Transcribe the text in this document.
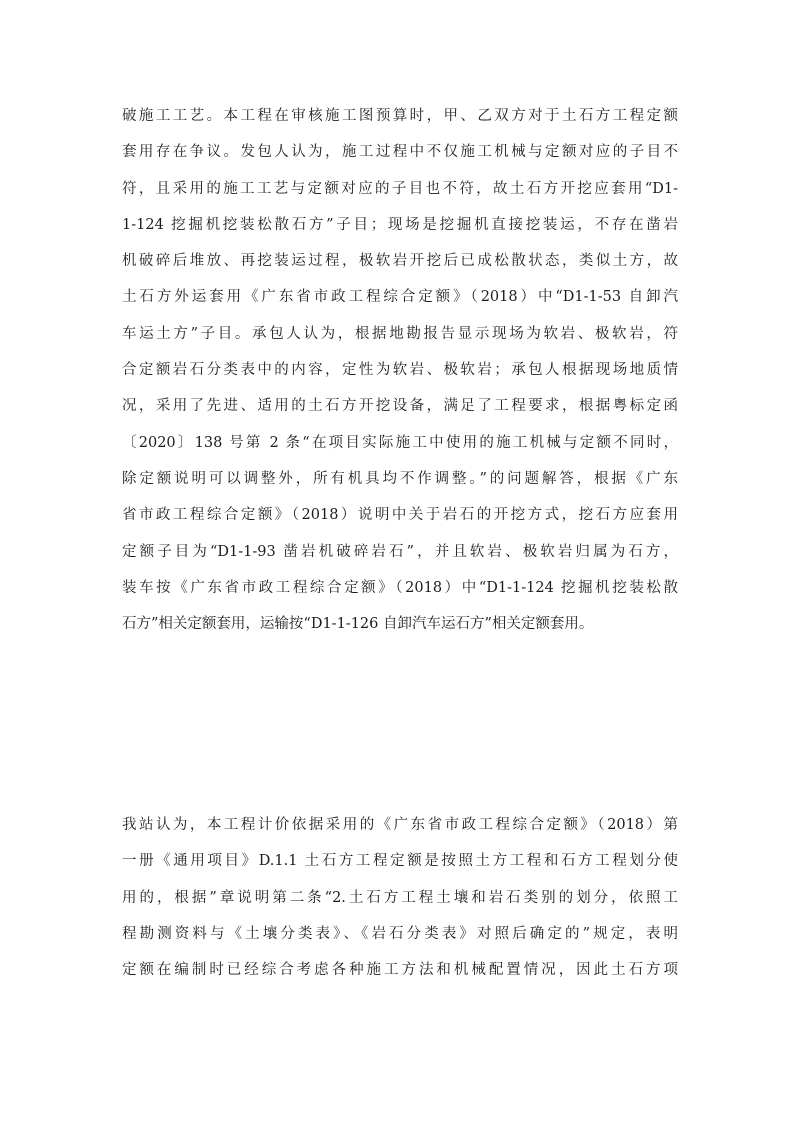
破施工工艺。本工程在审核施工图预算时，甲、乙双方对于土石方工程定额
套用存在争议。发包人认为，施工过程中不仅施工机械与定额对应的子目不
符，且采用的施工工艺与定额对应的子目也不符，故土石方开挖应套用“D1-
1-124 挖掘机挖装松散石方”子目；现场是挖掘机直接挖装运，不存在凿岩
机破碎后堆放、再挖装运过程，极软岩开挖后已成松散状态，类似土方，故
土石方外运套用《广东省市政工程综合定额》（2018）中“D1-1-53 自卸汽
车运土方”子目。承包人认为，根据地勘报告显示现场为软岩、极软岩，符
合定额岩石分类表中的内容，定性为软岩、极软岩；承包人根据现场地质情
况，采用了先进、适用的土石方开挖设备，满足了工程要求，根据粤标定函
〔2020〕138 号第 2 条“在项目实际施工中使用的施工机械与定额不同时，
除定额说明可以调整外，所有机具均不作调整。”的问题解答，根据《广东
省市政工程综合定额》（2018）说明中关于岩石的开挖方式，挖石方应套用
定额子目为“D1-1-93 凿岩机破碎岩石”，并且软岩、极软岩归属为石方，
装车按《广东省市政工程综合定额》（2018）中“D1-1-124 挖掘机挖装松散
石方”相关定额套用，运输按“D1-1-126 自卸汽车运石方”相关定额套用。
我站认为，本工程计价依据采用的《广东省市政工程综合定额》（2018）第
一册《通用项目》D.1.1 土石方工程定额是按照土方工程和石方工程划分使
用的，根据”章说明第二条“2.土石方工程土壤和岩石类别的划分，依照工
程勘测资料与《土壤分类表》、《岩石分类表》对照后确定的”规定，表明
定额在编制时已经综合考虑各种施工方法和机械配置情况，因此土石方项
